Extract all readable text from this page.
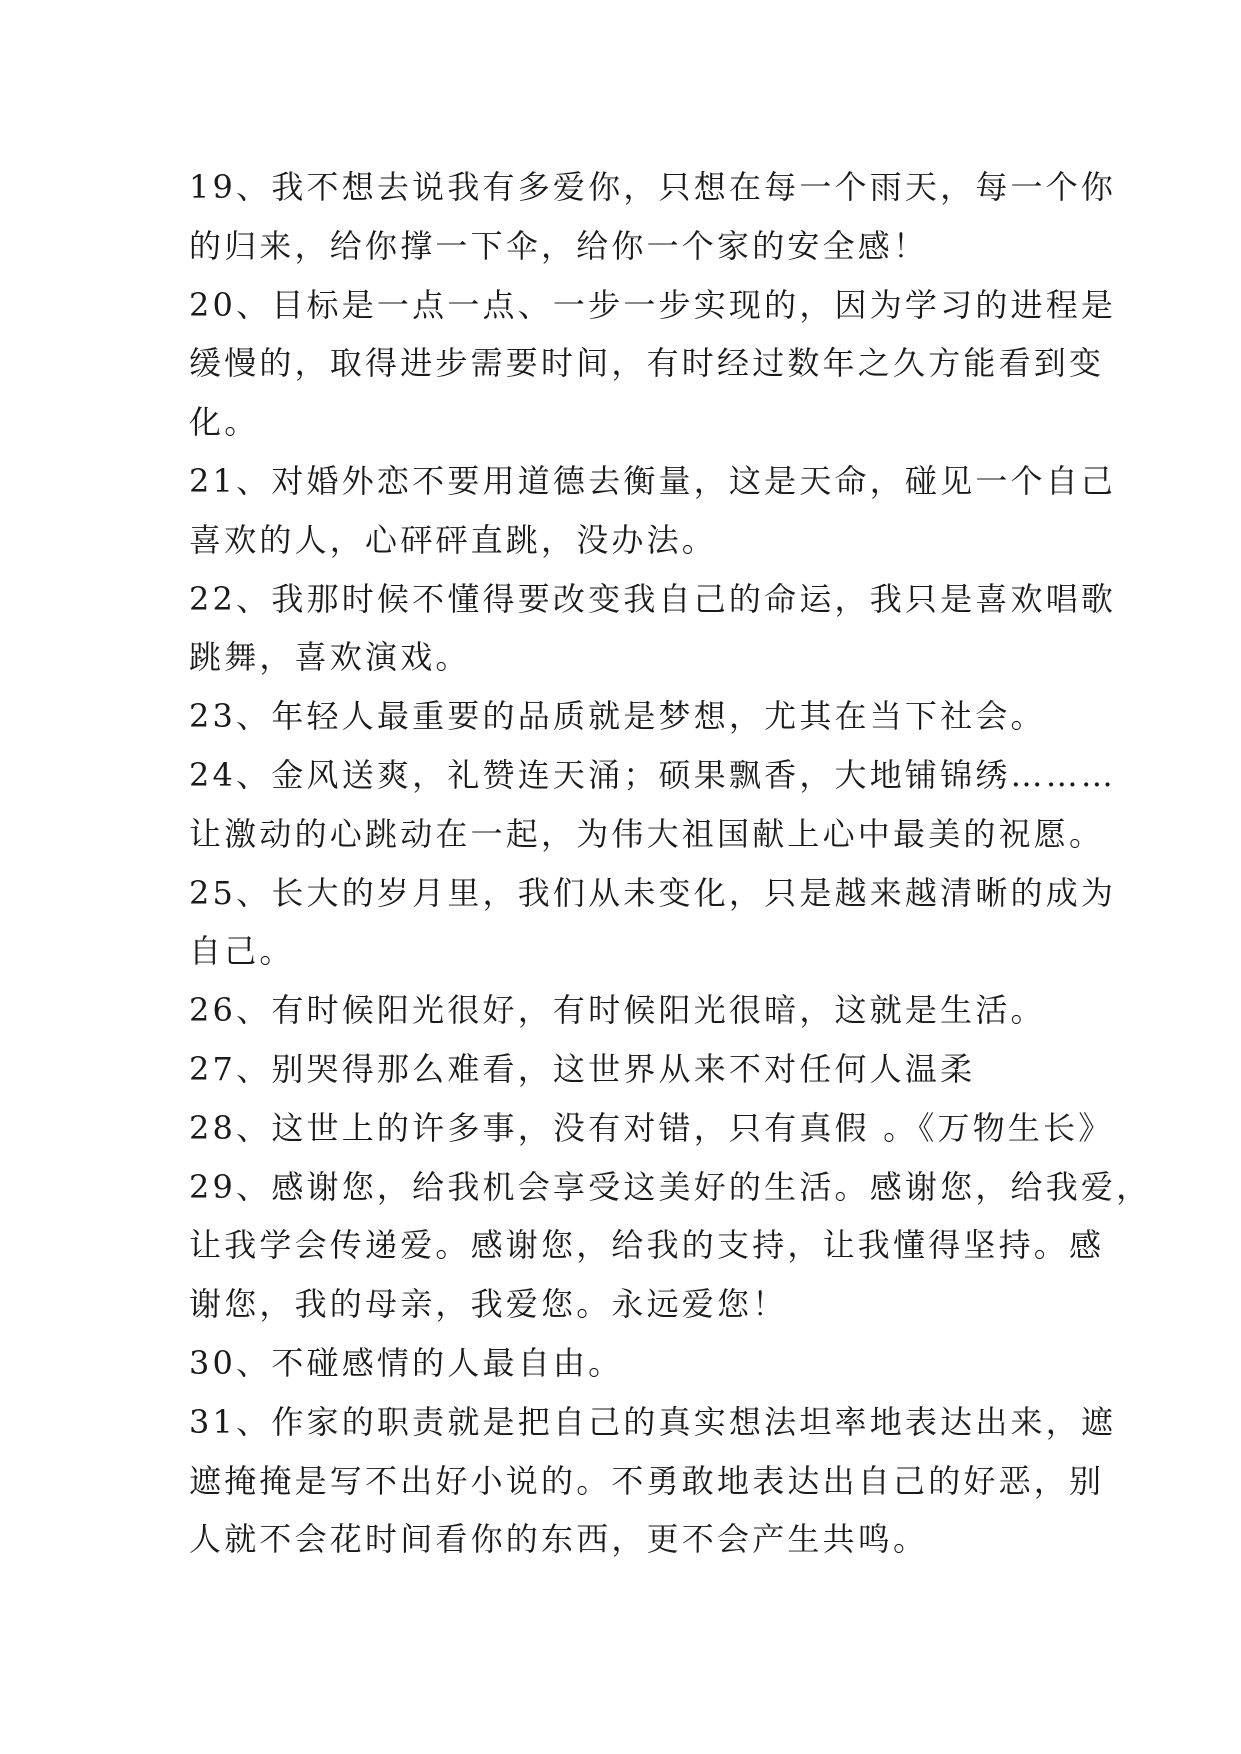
19、我不想去说我有多爱你，只想在每一个雨天，每一个你
的归来，给你撑一下伞，给你一个家的安全感！
20、目标是一点一点、一步一步实现的，因为学习的进程是
缓慢的，取得进步需要时间，有时经过数年之久方能看到变
化。
21、对婚外恋不要用道德去衡量，这是天命，碰见一个自己
喜欢的人，心砰砰直跳，没办法。
22、我那时候不懂得要改变我自己的命运，我只是喜欢唱歌
跳舞，喜欢演戏。
23、年轻人最重要的品质就是梦想，尤其在当下社会。
24、金风送爽，礼赞连天涌；硕果飘香，大地铺锦绣………
让激动的心跳动在一起，为伟大祖国献上心中最美的祝愿。
25、长大的岁月里，我们从未变化，只是越来越清晰的成为
自己。
26、有时候阳光很好，有时候阳光很暗，这就是生活。
27、别哭得那么难看，这世界从来不对任何人温柔
28、这世上的许多事，没有对错，只有真假 。《万物生长》
29、感谢您，给我机会享受这美好的生活。感谢您，给我爱，
让我学会传递爱。感谢您，给我的支持，让我懂得坚持。感
谢您，我的母亲，我爱您。永远爱您！
30、不碰感情的人最自由。
31、作家的职责就是把自己的真实想法坦率地表达出来，遮
遮掩掩是写不出好小说的。不勇敢地表达出自己的好恶，别
人就不会花时间看你的东西，更不会产生共鸣。
